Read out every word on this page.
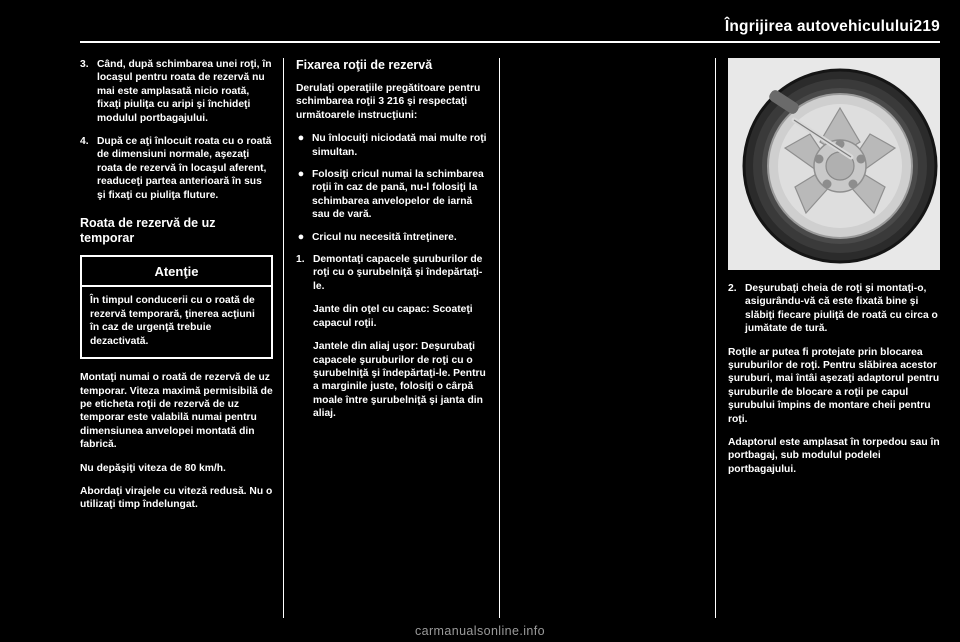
Îngrijirea autovehiculului219
3. Când, după schimbarea unei roţi, în locaşul pentru roata de rezervă nu mai este amplasată nicio roată, fixaţi piuliţa cu aripi şi închideţi modulul portbagajului.
4. După ce aţi înlocuit roata cu o roată de dimensiuni normale, aşezaţi roata de rezervă în locaşul aferent, readuceţi partea anterioară în sus şi fixaţi cu piuliţa fluture.
Roata de rezervă de uz temporar
Atenţie
În timpul conducerii cu o roată de rezervă temporară, ţinerea acţiuni în caz de urgenţă trebuie dezactivată.

Montaţi numai o roată de rezervă de uz temporar. Viteza maximă permisibilă de pe eticheta roţii de rezervă de uz temporar este valabilă numai pentru dimensiunea anvelopei montată din fabrică.

Nu depăşiţi viteza de 80 km/h.

Abordaţi virajele cu viteză redusă. Nu o utilizaţi timp îndelungat.

Fixarea roţii de rezervă

Derulaţi operaţiile pregătitoare pentru schimbarea roţii 3 216 şi respectaţi următoarele instrucţiuni:

● Nu înlocuiţi niciodată mai multe roţi simultan.
● Folosiţi cricul numai la schimbarea roţii în caz de pană, nu-l folosiţi la schimbarea anvelopelor de iarnă sau de vară.
● Cricul nu necesită întreţinere.
1. Demontaţi capacele şuruburilor de roţi cu o şurubelniţă şi îndepărtaţi-le.

Jante din oţel cu capac: Scoateţi capacul roţii.

Jantele din aliaj uşor: Deşurubaţi capacele şuruburilor de roţi cu o şurubelniţă şi îndepărtaţi-le. Pentru a marginile juste, folosiţi o cârpă moale între şurubelniţă şi janta din aliaj.

2. Deşurubaţi cheia de roţi şi montaţi-o, asigurându-vă că este fixată bine şi slăbiţi fiecare piuliţă de roată cu circa o jumătate de tură.

Roţile ar putea fi protejate prin blocarea şuruburilor de roţi. Pentru slăbirea acestor şuruburi, mai întâi aşezaţi adaptorul pentru şuruburile de blocare a roţii pe capul şurubului împins de montare cheii pentru roţi.

Adaptorul este amplasat în torpedou sau în portbagaj, sub modulul podelei portbagajului.

carmanualsonline.info
